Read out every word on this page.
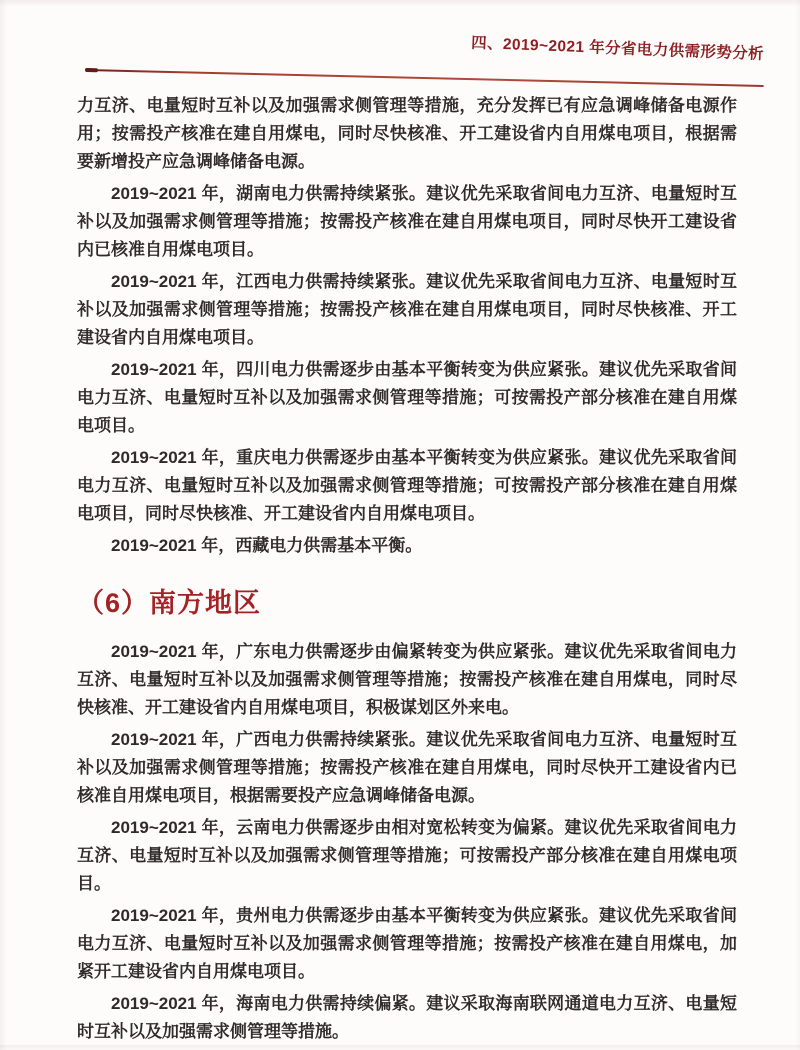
四、2019~2021 年分省电力供需形势分析

力互济、电量短时互补以及加强需求侧管理等措施，充分发挥已有应急调峰储备电源作用；按需投产核准在建自用煤电，同时尽快核准、开工建设省内自用煤电项目，根据需要新增投产应急调峰储备电源。

2019~2021 年，湖南电力供需持续紧张。建议优先采取省间电力互济、电量短时互补以及加强需求侧管理等措施；按需投产核准在建自用煤电项目，同时尽快开工建设省内已核准自用煤电项目。

2019~2021 年，江西电力供需持续紧张。建议优先采取省间电力互济、电量短时互补以及加强需求侧管理等措施；按需投产核准在建自用煤电项目，同时尽快核准、开工建设省内自用煤电项目。

2019~2021 年，四川电力供需逐步由基本平衡转变为供应紧张。建议优先采取省间电力互济、电量短时互补以及加强需求侧管理等措施；可按需投产部分核准在建自用煤电项目。

2019~2021 年，重庆电力供需逐步由基本平衡转变为供应紧张。建议优先采取省间电力互济、电量短时互补以及加强需求侧管理等措施；可按需投产部分核准在建自用煤电项目，同时尽快核准、开工建设省内自用煤电项目。

2019~2021 年，西藏电力供需基本平衡。

（6）南方地区

2019~2021 年，广东电力供需逐步由偏紧转变为供应紧张。建议优先采取省间电力互济、电量短时互补以及加强需求侧管理等措施；按需投产核准在建自用煤电，同时尽快核准、开工建设省内自用煤电项目，积极谋划区外来电。

2019~2021 年，广西电力供需持续紧张。建议优先采取省间电力互济、电量短时互补以及加强需求侧管理等措施；按需投产核准在建自用煤电，同时尽快开工建设省内已核准自用煤电项目，根据需要投产应急调峰储备电源。

2019~2021 年，云南电力供需逐步由相对宽松转变为偏紧。建议优先采取省间电力互济、电量短时互补以及加强需求侧管理等措施；可按需投产部分核准在建自用煤电项目。

2019~2021 年，贵州电力供需逐步由基本平衡转变为供应紧张。建议优先采取省间电力互济、电量短时互补以及加强需求侧管理等措施；按需投产核准在建自用煤电，加紧开工建设省内自用煤电项目。

2019~2021 年，海南电力供需持续偏紧。建议采取海南联网通道电力互济、电量短时互补以及加强需求侧管理等措施。
